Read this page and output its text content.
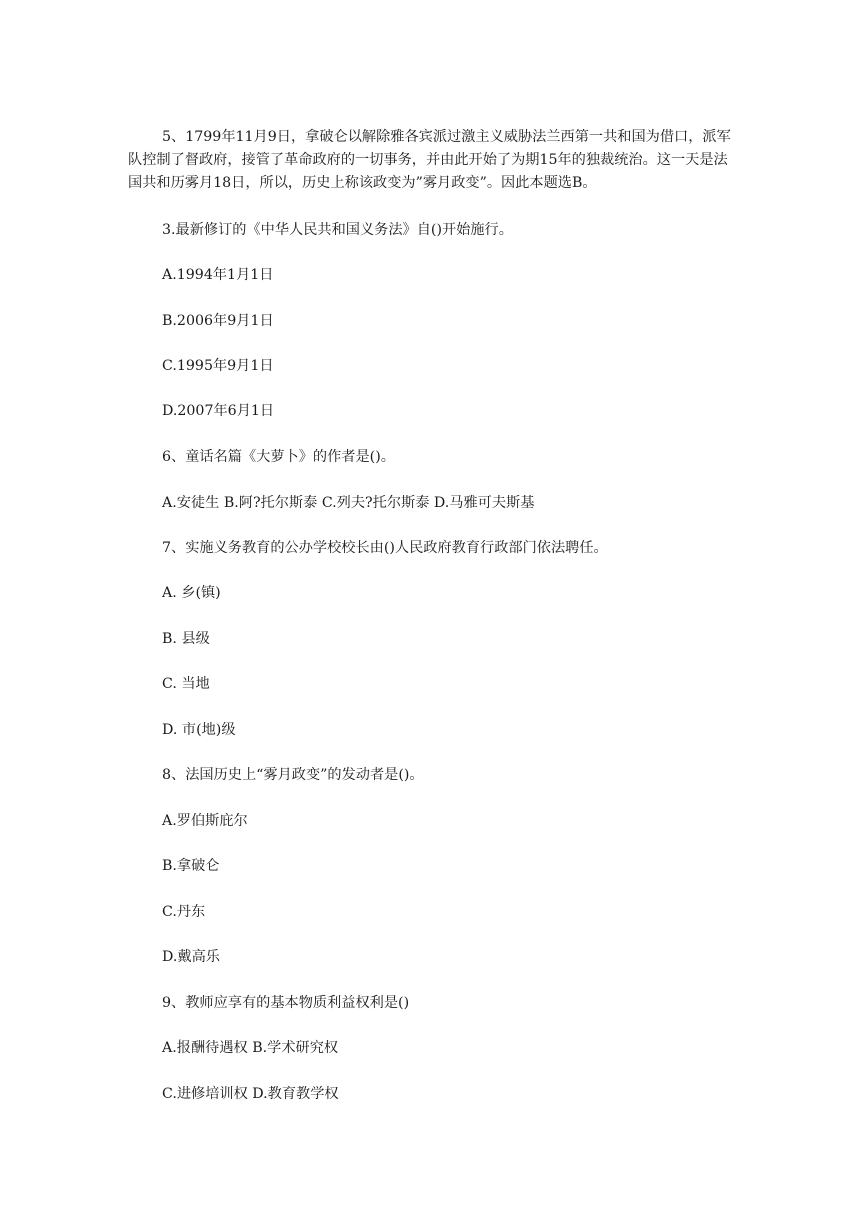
5、1799年11月9日，拿破仑以解除雅各宾派过激主义威胁法兰西第一共和国为借口，派军队控制了督政府，接管了革命政府的一切事务，并由此开始了为期15年的独裁统治。这一天是法国共和历雾月18日，所以，历史上称该政变为”雾月政变”。因此本题选B。

3.最新修订的《中华人民共和国义务法》自()开始施行。
A.1994年1月1日
B.2006年9月1日
C.1995年9月1日
D.2007年6月1日
6、童话名篇《大萝卜》的作者是()。
A.安徒生 B.阿?托尔斯泰 C.列夫?托尔斯泰 D.马雅可夫斯基
7、实施义务教育的公办学校校长由()人民政府教育行政部门依法聘任。
A. 乡(镇)
B. 县级
C. 当地
D. 市(地)级
8、法国历史上“雾月政变”的发动者是()。
A.罗伯斯庇尔
B.拿破仑
C.丹东
D.戴高乐
9、教师应享有的基本物质利益权利是()
A.报酬待遇权 B.学术研究权
C.进修培训权 D.教育教学权
